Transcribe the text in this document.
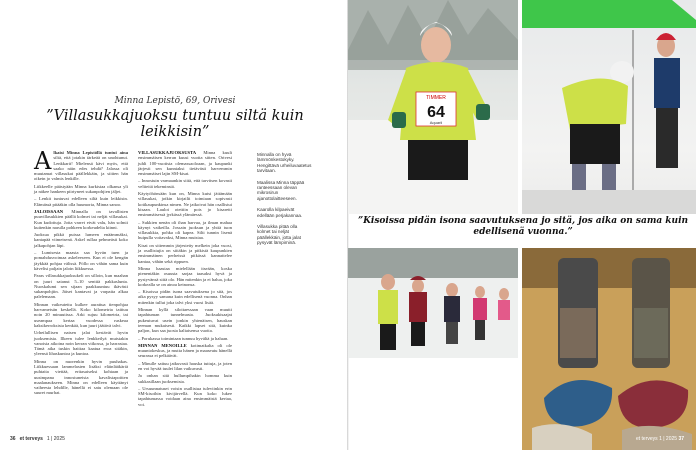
Minna Lepistö, 69, Orivesi
”Villasukkajuoksu tuntuu siltä kuin leikkisin”

Alkaisi Minna Lepistöllä tuntui aina siltä, että jotakin tärkeää on unohtunut. Lenkkarit! Mielensä kävi myös, että saako näin edes tehdä? Jalassa oli muutamat villasukat päällekkäin, ja siitten hän oikein jo valmis lenkille.

Liikkeelle päästyään Minna kurkistaa olkansa yli ja näkee hankeen piirtyneet sukanpohjien jäljet.

– Lenkit tuntuvat edelleen siltä kuin leikkisin. Elämässä pitääkin olla huumoria, Minna sanoo.

JALOISSAAN Minnalla on tavallisten puuvillasukkien päällä kolmet tai neljät villasukat. Kun kudottuja. Jotta varret eivät valu, hän solmii kuitenkin narulla pohkeen korkeudelta kiinni.

Juoksua pikkä puissa lumeen enäämmäksi, kantapää viimeisenä. Askel rullaa pehmeästi koko jalkapohjan läpi.

– Lumisesta maasta saa hyvän tuen ja pomahdusvoimaa askeleeseen. Kun ei ole kengän jäykkää pohjaa välissä. Pöllo on vähän sama kuin kävelisi paljain jaloin liikkuessa.

Paras villasukkajuoksukeli on silloin, kun maahan on juuri satanut 5–10 senttiä pakkaslunta. Nuoskalumi sen sijaan paakkuuntuu ikävästi sukanpohjiin. Jäiset kantavat ja varpaita alkaa palelemaan.

Minnan vaikeutettu kulkee aurattua tienpohjaa harvametsän keskellä. Koko kilometria taittuu noin 20 minuutissa. Arki sujuu kilometria, tai useampaa kertaa vuodessa ruskeaa kaksikerroksista kenkää, kun juuri jäätävä talvi.

Urheilullisen naisen jalat kestävät hyvin juoksemista. Ilkeen tulee lenkkeilyä muistakin vanoisia aikoina noin kerran viikossa, ja harrastaa. Tämä aika tuskin haittaa kaatua eroa sitäkin, yleensä lihaskuntoa ja kuntoa.

Minna on nuorenkin hyvin puuhakas. Liikkuessaan lammelasten lisäksi eläinlääkäriä puhtaita viettää, eritasaiseksi kohtaan ja uusimpana innostuneista kavalistapoitten maalanaukseen. Minna on edelleen käyttänyt vaiheesta lehdille, hänellä ei satu olemaan ole suuret murhat.

VILLASUKKAJUOKSUSTA Minna kuuli ensimmäisen kerran kuusi vuotta sitten. Orivesi juhli 100-vuotista olemassaoloaan, ja kaupunki järjesti sen kunniaksi tietävästi harvemmin ensimmäiset lajin SM-kisat.

– Innostuin varmaankin siitä, että tarvitsen kovasti veltteitä tekeminstä.

Käytyöhönsään kun on, Minna kutsi jättämään villasukat, jotkin kirjailii toimiaan sopivasti kotikaupunkinsa nimen. Ne jatkoivat hän osallistui kisaan. Laulot otettiin pois jo kisaretti ensimmäisessä jyrkässä ylämäessä.

– Sukkien nenän oli ihan harvaa, ja ilman mahaa käynyt vaikeilla. Jossain juoksun ja yhtiä tuon villasukkia, pohka oli kapea. Silti tunnin lisenä huipulla voitavaksi, Minna muistaa.

Kisat on sittemmin järjestetty melkein joka vuosi, ja osallistujia on siitäkin ja pitkistä kaupunkien ensimmäinen perheissä pitkässä kannattelee kantaa, vähän sekä rippuen.

Minna haastaa mielellään itseään, koska pienentäkin osuusta sarjaa taasaksi hyvä ja pystyvänsä siitä olo. Hän mitenkin ja ei halua, joka korkealla se on ainoa keinonsa.

– Kisoissa pidän isona saavutuksena jo sitä, jos aika pysyy samana kuin edellisenä vuonna. Onhan mitenkin tullut joka talvi yksi vuosi lisää.

Minnan kyllä siloitaessaan vaan muutti tapahtuman tunnelmasta. Juoksukisaajat pukeutuvat usein jonkin yhtenäisen, hauskan teeman mukaisesti. Kaikki lapset sitä, kuinka paljon, kun saa juosta kaltaisensa vuotta.

– Porukassa toimintaan tunnuu hyvältä ja haluan.

MINNAN MENOILLE kotimatkalta oli ole muuntokeskus, ja mutta hänen ja maaseutu hänellä seurassa ei pelkäävät.

– Minulle sattuu jatkuvasti hauska tuttuja, ja joten en voi hyvää tuulei lilan vaikuvasti.

Ja onhan sitä hullumpihakin homma kuin sukkasillaan juoksemista.

– Ursuunnatuset voisin osallistua tuleviinkin erin SM-kisoihin kivijärvellä. Kun koko lukee tapahtumassa voidaan aina ensimmäistä kertaa, voi.

Minnalla on hyvä lämmönkestokyky. Hengittävä urheiluvaatetus tarvitaan.

Maalissa Minna täppää ranteessaan olevan mikrosirun ajanottolaitteeseen.

Kaarolla kilpaeivät edellään perjakannaa.

Villasukka pitää olla kolmet tai neljät päällekkäin, jotta jalat pysyvät lämpiminä.

36 et terveys 1 | 2025
TIMMER
64
Aquarii
”Kisoissa pidän isona saavutuksena jo sitä, jos aika on sama kuin edellisenä vuonna.”
et terveys 1 | 2025 37
